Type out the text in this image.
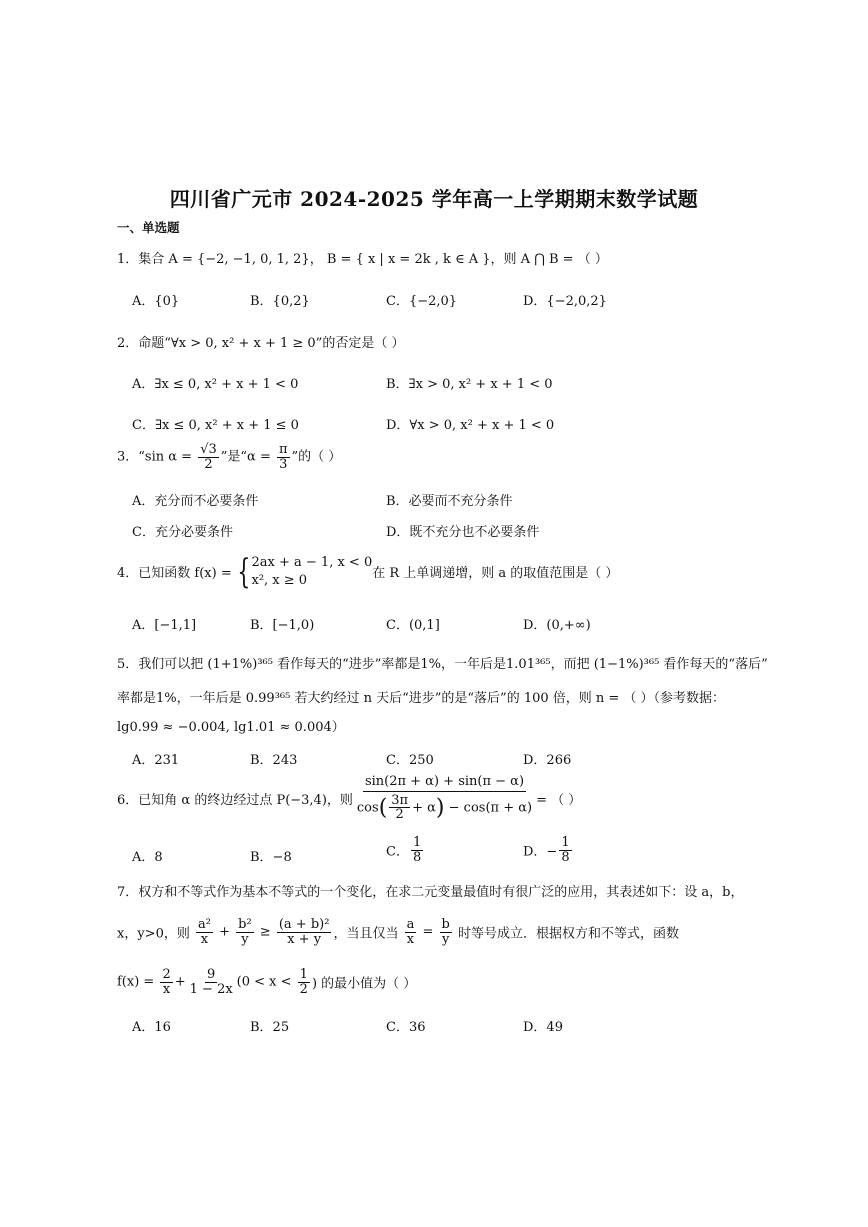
四川省广元市 2024-2025 学年高一上学期期末数学试题
一、单选题
1．集合 A = {−2, −1, 0, 1, 2}， B = { x | x = 2k , k ∈ A }，则 A ⋂ B = （ ）
A．{0}	B．{0,2}	C．{−2,0}	D．{−2,0,2}
2．命题“∀x > 0, x² + x + 1 ≥ 0”的否定是（ ）
A．∃x ≤ 0, x² + x + 1 < 0	B．∃x > 0, x² + x + 1 < 0
C．∃x ≤ 0, x² + x + 1 ≤ 0	D．∀x > 0, x² + x + 1 < 0
3．“sin $\alpha = \frac{√3}{2}$ ”是“$\alpha = \frac{\pi}{3}$ ”的（ ）
A．充分而不必要条件	B．必要而不充分条件
C．充分必要条件	D．既不充分也不必要条件
4．已知函数 f(x) = { 2ax + a − 1, x < 0
x², x ≥ 0	在 R 上单调递增，则 a 的取值范围是（ ）
A．[−1,1]	B．[−1,0)	C．(0,1]	D．(0,+∞)
5．我们可以把 (1+1%)³⁶⁵ 看作每天的“进步”率都是1%，一年后是1.01³⁶⁵，而把 (1−1%)³⁶⁵ 看作每天的“落后”
率都是1%，一年后是 0.99³⁶⁵ 若大约经过 n 天后“进步”的是“落后”的 100 倍，则 n = （ ）（参考数据：
lg0.99 ≈ −0.004, lg1.01 ≈ 0.004）
A．231	B．243	C．250	D．266
6．已知角 α 的终边经过点 P(−3,4)，则 $\frac{\sin(2\pi + \alpha) + \sin(\pi - \alpha)}{\cos( \frac{3\pi}{2} + \alpha) - \cos(\pi + \alpha)}$ = （ ）
A．8	B．−8	C． $\frac{1}{8}$	D．− $\frac{1}{8}$
7．权方和不等式作为基本不等式的一个变化，在求二元变量最值时有很广泛的应用，其表述如下：设 a，b，
x，y>0，则 $\frac{\text{a²}}{x} + \frac{\text{b²}}{y} \ge \frac{\text{(a + b)²}}{x + y}$ ，当且仅当 $\frac{a}{x} = \frac{b}{y}$ 时等号成立．根据权方和不等式，函数
$f(x) = \frac{2}{x} + \frac{9}{1 - 2x} (0 < x < \frac{1}{2}$ ) 的最小值为（ ）
A．16	B．25	C．36	D．49
